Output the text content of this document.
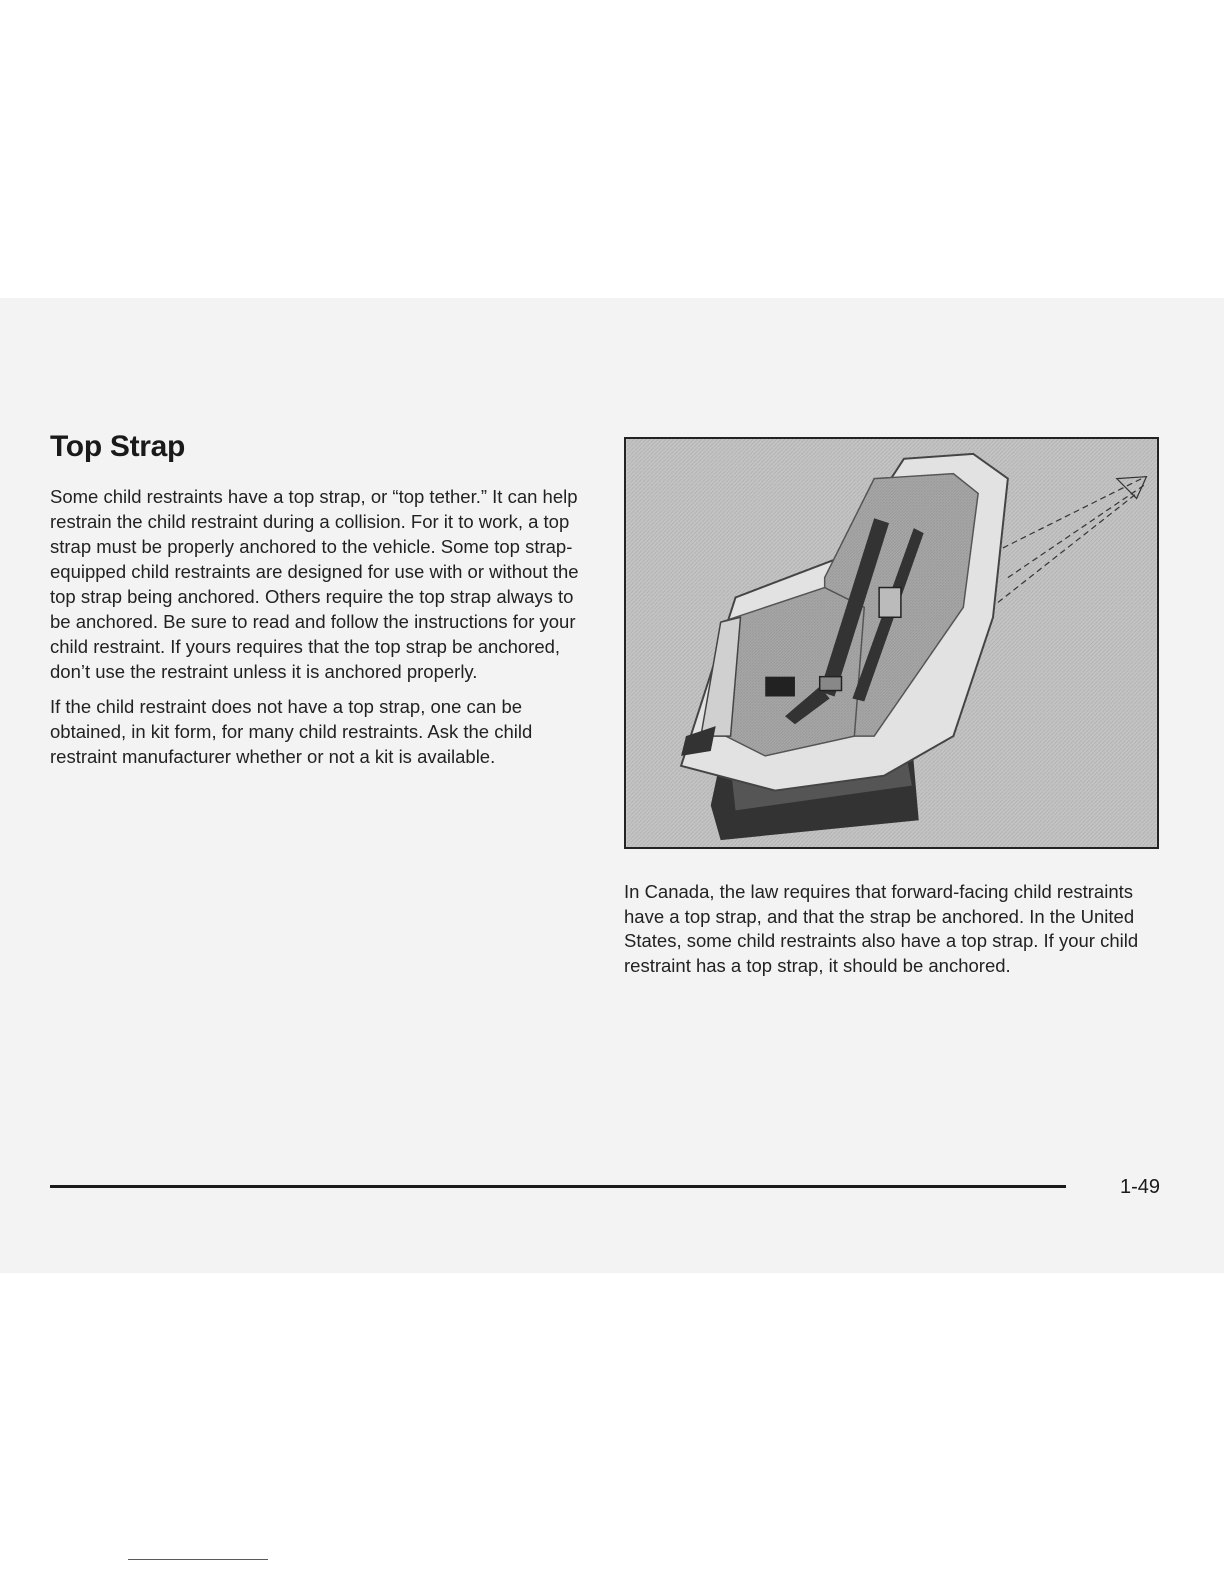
Top Strap

Some child restraints have a top strap, or “top tether.” It can help restrain the child restraint during a collision. For it to work, a top strap must be properly anchored to the vehicle. Some top strap-equipped child restraints are designed for use with or without the top strap being anchored. Others require the top strap always to be anchored. Be sure to read and follow the instructions for your child restraint. If yours requires that the top strap be anchored, don’t use the restraint unless it is anchored properly.

If the child restraint does not have a top strap, one can be obtained, in kit form, for many child restraints. Ask the child restraint manufacturer whether or not a kit is available.

In Canada, the law requires that forward-facing child restraints have a top strap, and that the strap be anchored. In the United States, some child restraints also have a top strap. If your child restraint has a top strap, it should be anchored.

1-49
